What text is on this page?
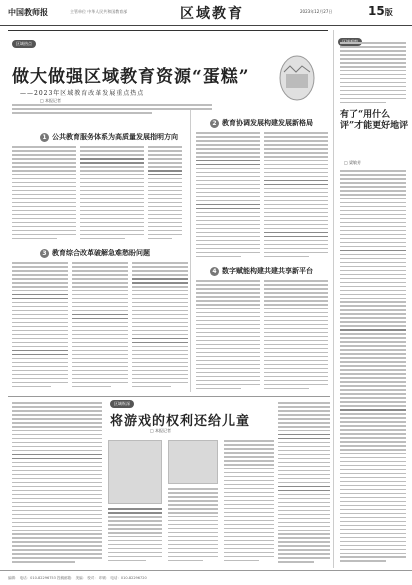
中国教师报	主管单位 中华人民共和国教育部	区域教育	2023年12月27日	15版
区域热点
做大做强区域教育资源“蛋糕”
——2023年区域教育改革发展重点热点
□ 本报记者
1 公共教育服务体系为高质量发展指明方向
3 教育综合改革破解急难愁盼问题
2 教育协调发展构建发展新格局
4 数字赋能构建共建共享新平台
有了“用什么评”才能更好地评
□ 梁敏芳
区域纵深
将游戏的权利还给儿童
□ 本报记者
编辑： 电话：010-82296753 投稿邮箱： 美编： 校对： 印刷： 电话：010-82296720
